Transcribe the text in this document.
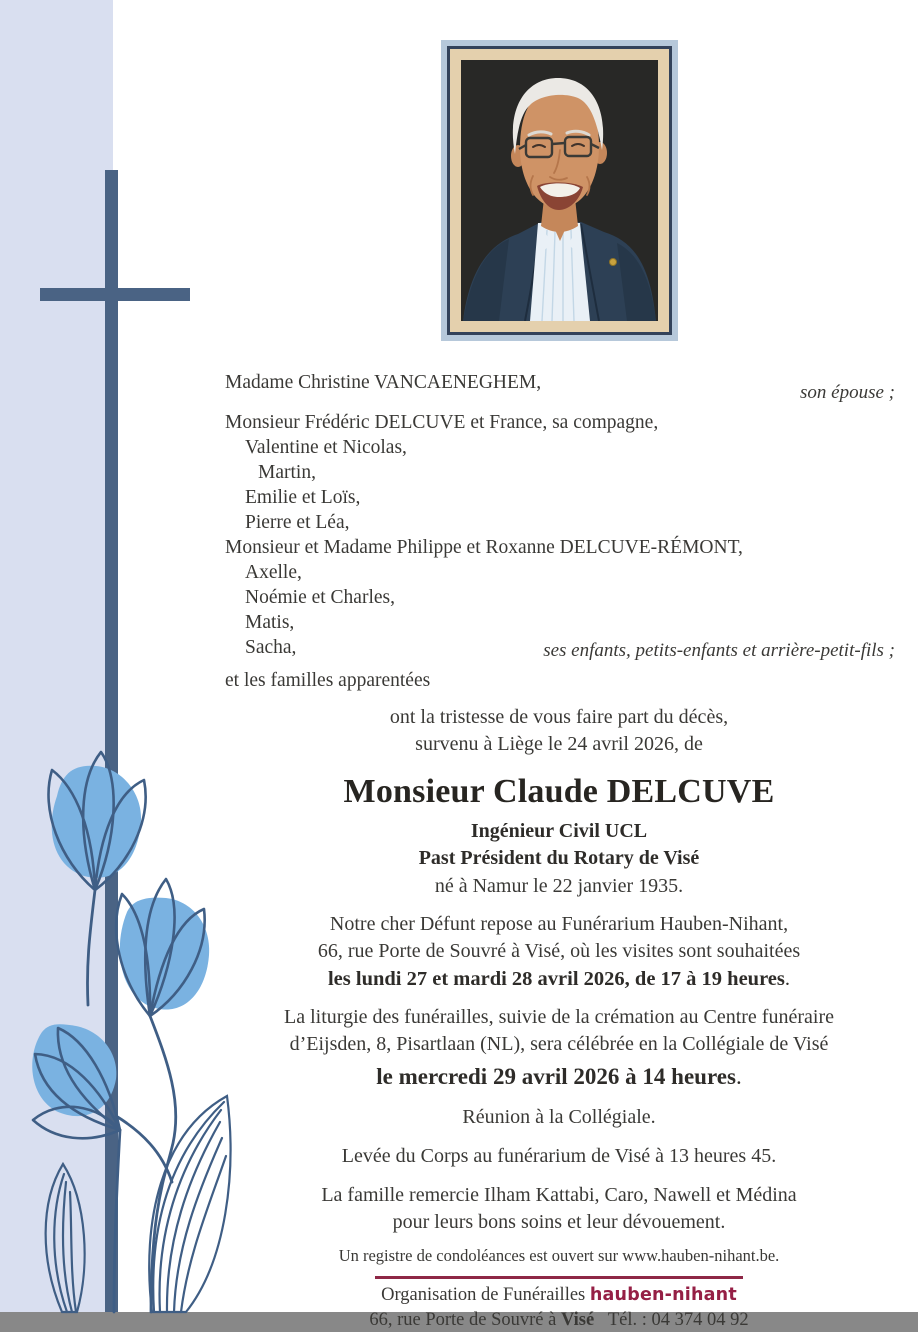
Madame Christine VANCAENEGHEM,	son épouse ;
Monsieur Frédéric DELCUVE et France, sa compagne,
Valentine et Nicolas,
Martin,
Emilie et Loïs,
Pierre et Léa,
Monsieur et Madame Philippe et Roxanne DELCUVE-RÉMONT,
Axelle,
Noémie et Charles,
Matis,
Sacha,	ses enfants, petits-enfants et arrière-petit-fils ;
et les familles apparentées
ont la tristesse de vous faire part du décès,
survenu à Liège le 24 avril 2026, de
Monsieur Claude DELCUVE
Ingénieur Civil UCL
Past Président du Rotary de Visé
né à Namur le 22 janvier 1935.
Notre cher Défunt repose au Funérarium Hauben-Nihant,
66, rue Porte de Souvré à Visé, où les visites sont souhaitées
les lundi 27 et mardi 28 avril 2026, de 17 à 19 heures.
La liturgie des funérailles, suivie de la crémation au Centre funéraire
d’Eijsden, 8, Pisartlaan (NL), sera célébrée en la Collégiale de Visé
le mercredi 29 avril 2026 à 14 heures.
Réunion à la Collégiale.
Levée du Corps au funérarium de Visé à 13 heures 45.
La famille remercie Ilham Kattabi, Caro, Nawell et Médina
pour leurs bons soins et leur dévouement.
Un registre de condoléances est ouvert sur www.hauben-nihant.be.
Organisation de Funérailles hauben-nihant
66, rue Porte de Souvré à Visé Tél. : 04 374 04 92
